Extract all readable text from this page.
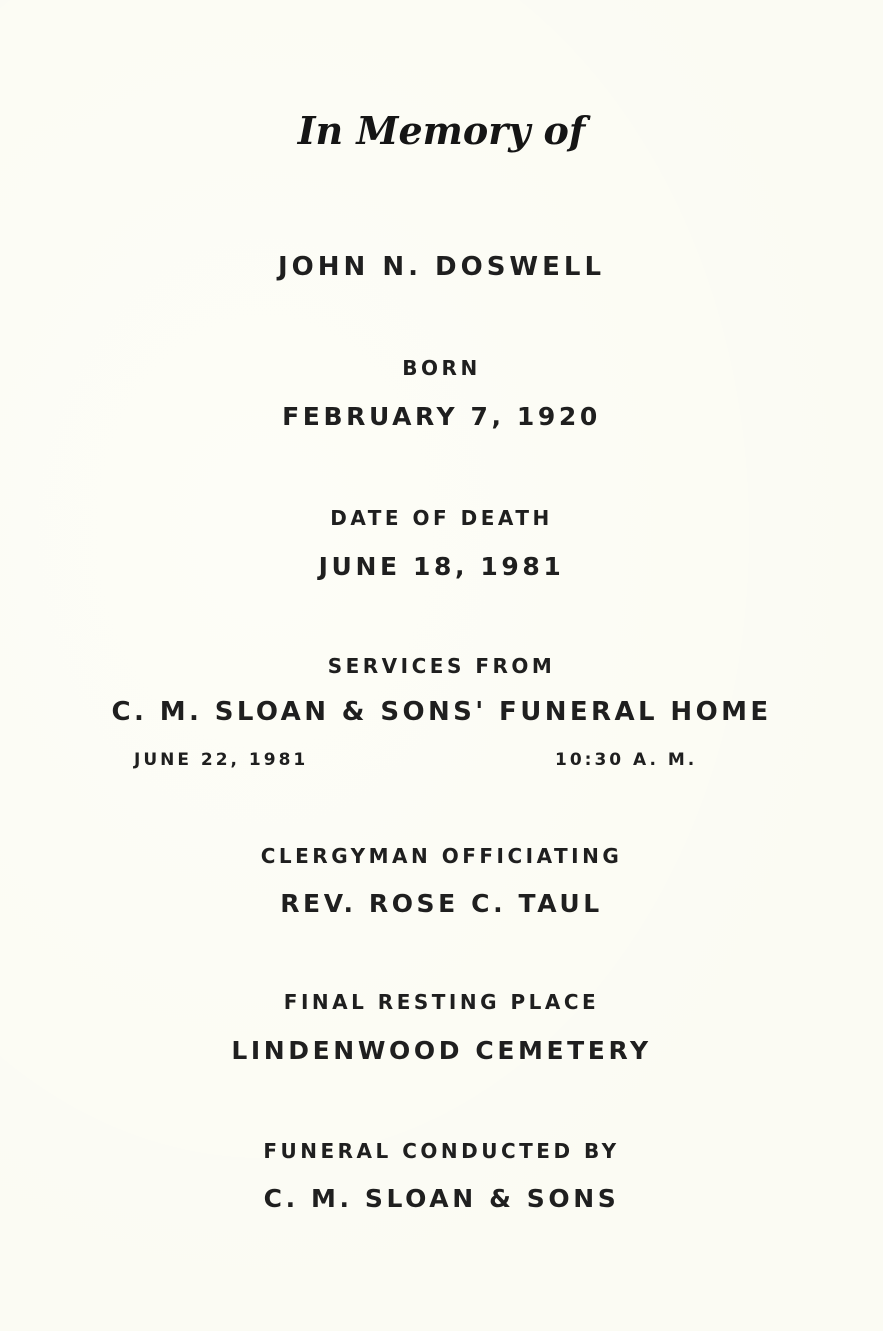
In Memory of
JOHN N. DOSWELL
BORN
FEBRUARY 7, 1920
DATE OF DEATH
JUNE 18, 1981
SERVICES FROM
C. M. SLOAN & SONS' FUNERAL HOME
JUNE 22, 1981	10:30 A. M.
CLERGYMAN OFFICIATING
REV. ROSE C. TAUL
FINAL RESTING PLACE
LINDENWOOD CEMETERY
FUNERAL CONDUCTED BY
C. M. SLOAN & SONS
